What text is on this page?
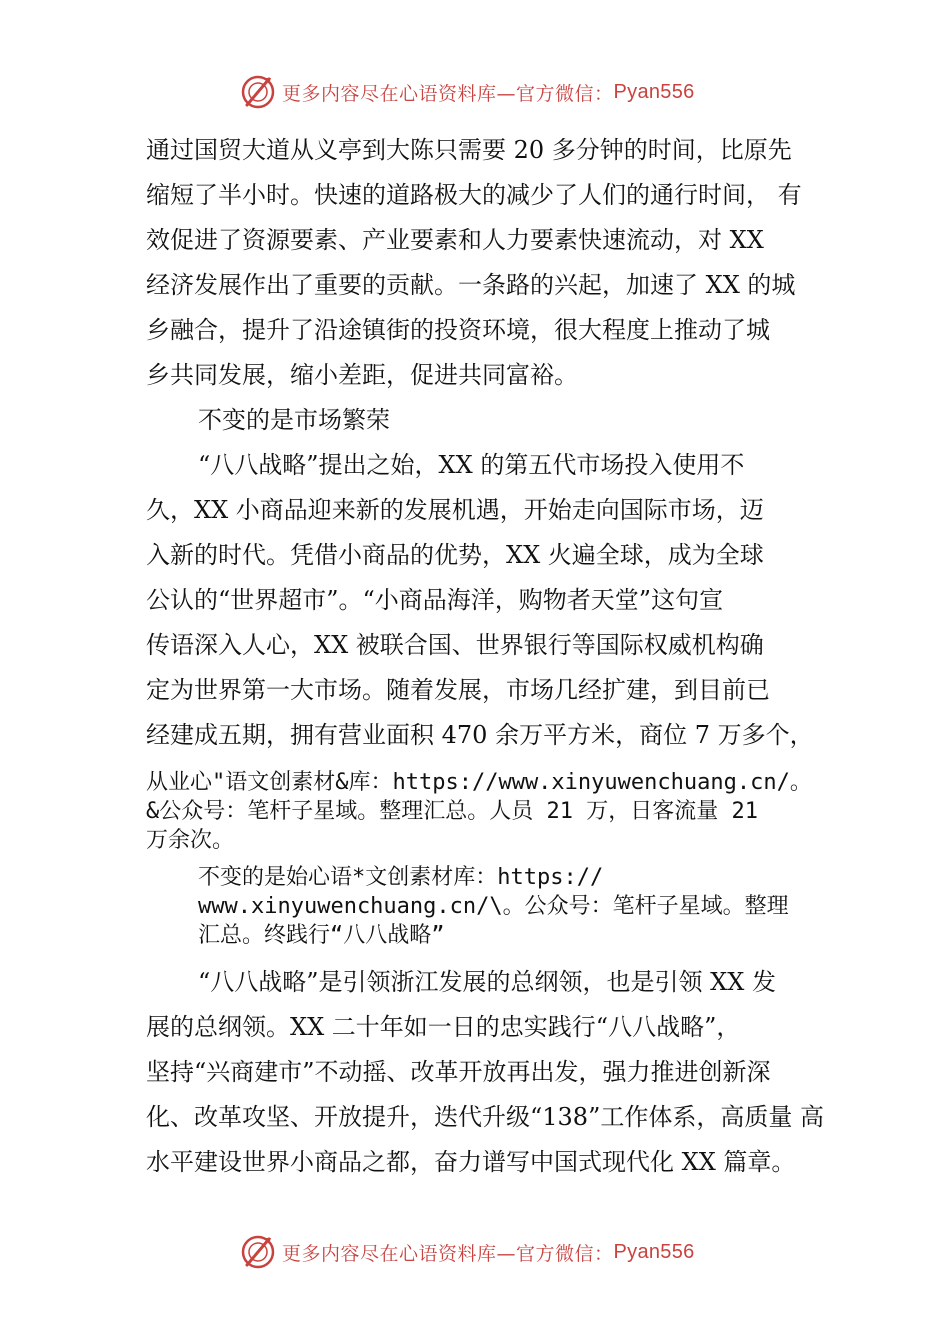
更多内容尽在心语资料库—官方微信： Pyan556

通过国贸大道从义亭到大陈只需要 20 多分钟的时间，比原先

缩短了半小时。快速的道路极大的减少了人们的通行时间， 有

效促进了资源要素、产业要素和人力要素快速流动，对 XX

经济发展作出了重要的贡献。一条路的兴起，加速了 XX 的城

乡融合，提升了沿途镇街的投资环境，很大程度上推动了城

乡共同发展，缩小差距，促进共同富裕。

不变的是市场繁荣

“八八战略”提出之始，XX 的第五代市场投入使用不

久，XX 小商品迎来新的发展机遇，开始走向国际市场，迈

入新的时代。凭借小商品的优势，XX 火遍全球，成为全球

公认的“世界超市”。“小商品海洋，购物者天堂”这句宣

传语深入人心，XX 被联合国、世界银行等国际权威机构确

定为世界第一大市场。随着发展，市场几经扩建，到目前已

经建成五期，拥有营业面积 470 余万平方米，商位 7 万多个，

从业心"语文创素材&库：https://www.xinyuwenchuang.cn/。

&公众号：笔杆子星域。整理汇总。人员 21 万，日客流量 21

万余次。

不变的是始心语*文创素材库：https://

www.xinyuwenchuang.cn/\。公众号：笔杆子星域。整理

汇总。终践行“八八战略”

“八八战略”是引领浙江发展的总纲领，也是引领 XX 发

展的总纲领。XX 二十年如一日的忠实践行“八八战略”，

坚持“兴商建市”不动摇、改革开放再出发，强力推进创新深

化、改革攻坚、开放提升，迭代升级“138”工作体系，高质量 高

水平建设世界小商品之都，奋力谱写中国式现代化 XX 篇章。

更多内容尽在心语资料库—官方微信： Pyan556
